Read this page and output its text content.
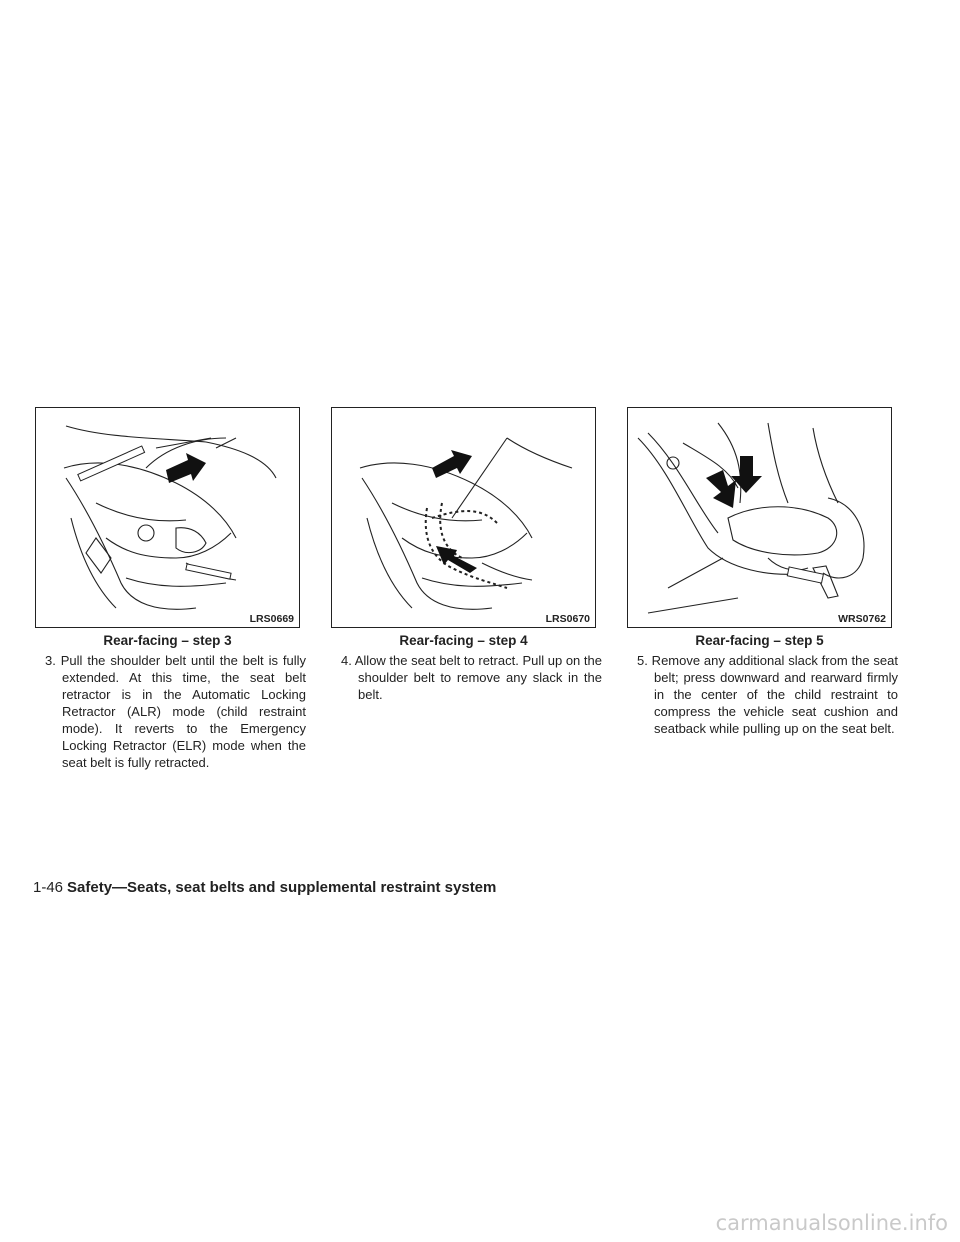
LRS0669	LRS0670	WRS0762
Rear-facing – step 3	Rear-facing – step 4	Rear-facing – step 5

3. Pull the shoulder belt until the belt is fully extended. At this time, the seat belt retractor is in the Automatic Locking Retractor (ALR) mode (child restraint mode). It reverts to the Emergency Locking Retractor (ELR) mode when the seat belt is fully retracted.

4. Allow the seat belt to retract. Pull up on the shoulder belt to remove any slack in the belt.

5. Remove any additional slack from the seat belt; press downward and rearward firmly in the center of the child restraint to compress the vehicle seat cushion and seatback while pulling up on the seat belt.

1-46 Safety—Seats, seat belts and supplemental restraint system
carmanualsonline.info
